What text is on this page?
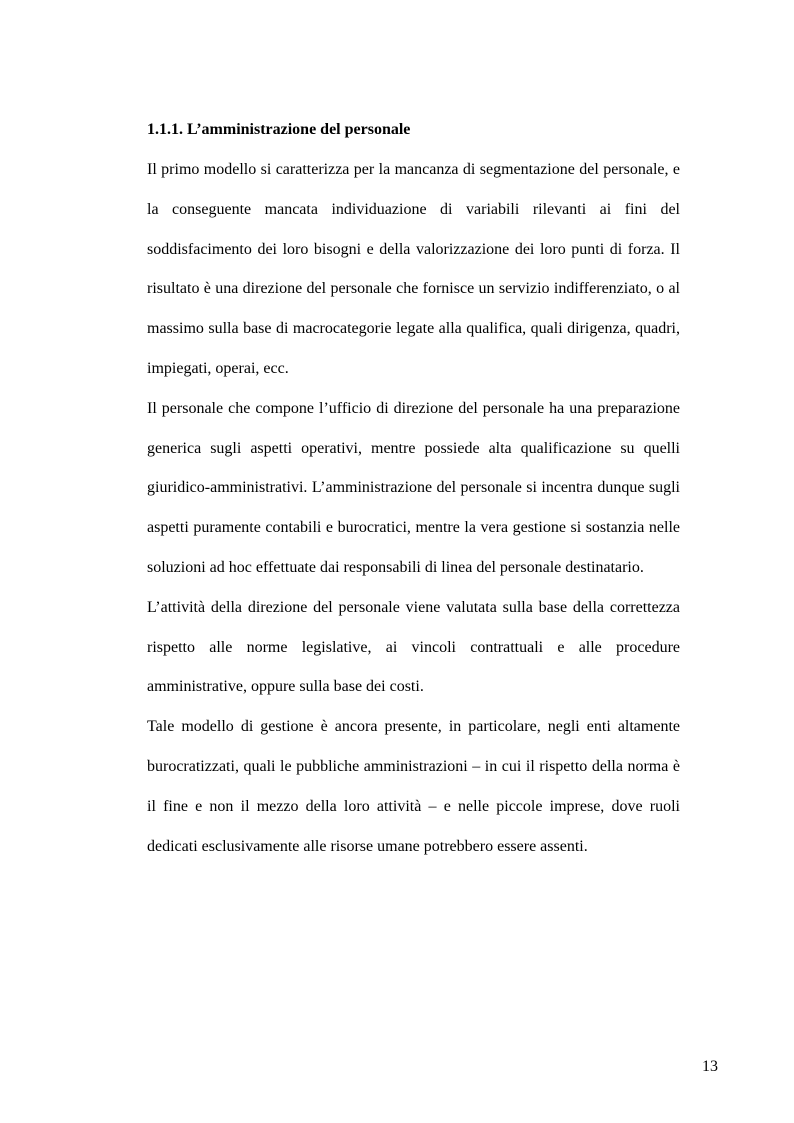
1.1.1. L’amministrazione del personale

Il primo modello si caratterizza per la mancanza di segmentazione del personale, e la conseguente mancata individuazione di variabili rilevanti ai fini del soddisfacimento dei loro bisogni e della valorizzazione dei loro punti di forza. Il risultato è una direzione del personale che fornisce un servizio indifferenziato, o al massimo sulla base di macrocategorie legate alla qualifica, quali dirigenza, quadri, impiegati, operai, ecc.

Il personale che compone l’ufficio di direzione del personale ha una preparazione generica sugli aspetti operativi, mentre possiede alta qualificazione su quelli giuridico-amministrativi. L’amministrazione del personale si incentra dunque sugli aspetti puramente contabili e burocratici, mentre la vera gestione si sostanzia nelle soluzioni ad hoc effettuate dai responsabili di linea del personale destinatario.

L’attività della direzione del personale viene valutata sulla base della correttezza rispetto alle norme legislative, ai vincoli contrattuali e alle procedure amministrative, oppure sulla base dei costi.

Tale modello di gestione è ancora presente, in particolare, negli enti altamente burocratizzati, quali le pubbliche amministrazioni – in cui il rispetto della norma è il fine e non il mezzo della loro attività – e nelle piccole imprese, dove ruoli dedicati esclusivamente alle risorse umane potrebbero essere assenti.

13
